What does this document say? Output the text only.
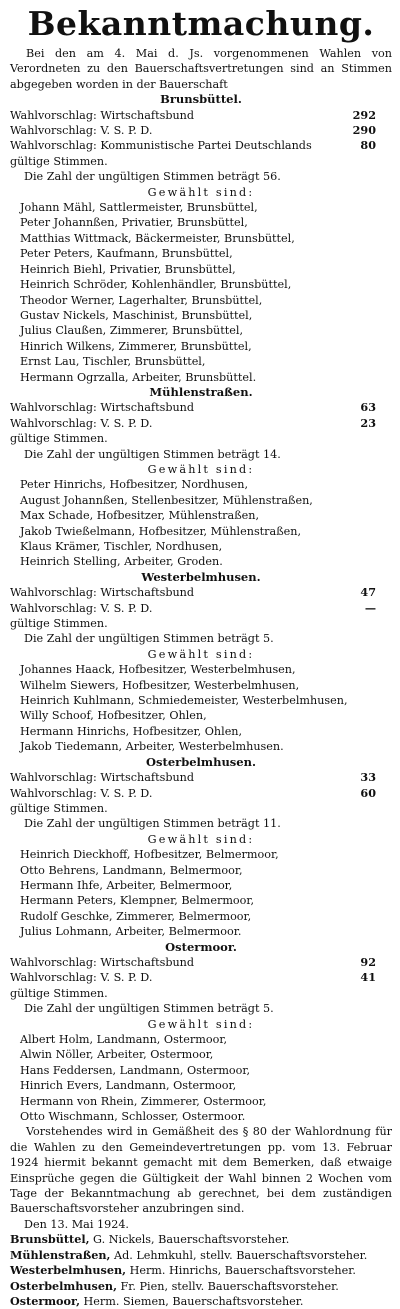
Bekanntmachung.

Bei den am 4. Mai d. Js. vorgenommenen Wahlen von Verordneten zu den Bauerschaftsvertretungen sind an Stimmen abgegeben worden in der Bauerschaft

Brunsbüttel.
Wahlvorschlag: Wirtschaftsbund	292
Wahlvorschlag: V. S. P. D.	290
Wahlvorschlag: Kommunistische Partei Deutschlands	80

gültige Stimmen.

Die Zahl der ungültigen Stimmen beträgt 56.

Gewählt sind:

Johann Mähl, Sattlermeister, Brunsbüttel,
Peter Johannßen, Privatier, Brunsbüttel,
Matthias Wittmack, Bäckermeister, Brunsbüttel,
Peter Peters, Kaufmann, Brunsbüttel,
Heinrich Biehl, Privatier, Brunsbüttel,
Heinrich Schröder, Kohlenhändler, Brunsbüttel,
Theodor Werner, Lagerhalter, Brunsbüttel,
Gustav Nickels, Maschinist, Brunsbüttel,
Julius Claußen, Zimmerer, Brunsbüttel,
Hinrich Wilkens, Zimmerer, Brunsbüttel,
Ernst Lau, Tischler, Brunsbüttel,
Hermann Ogrzalla, Arbeiter, Brunsbüttel.
Mühlenstraßen.
Wahlvorschlag: Wirtschaftsbund	63
Wahlvorschlag: V. S. P. D.	23

gültige Stimmen.

Die Zahl der ungültigen Stimmen beträgt 14.

Gewählt sind:

Peter Hinrichs, Hofbesitzer, Nordhusen,
August Johannßen, Stellenbesitzer, Mühlenstraßen,
Max Schade, Hofbesitzer, Mühlenstraßen,
Jakob Twießelmann, Hofbesitzer, Mühlenstraßen,
Klaus Krämer, Tischler, Nordhusen,
Heinrich Stelling, Arbeiter, Groden.
Westerbelmhusen.
Wahlvorschlag: Wirtschaftsbund	47
Wahlvorschlag: V. S. P. D.	—

gültige Stimmen.

Die Zahl der ungültigen Stimmen beträgt 5.

Gewählt sind:

Johannes Haack, Hofbesitzer, Westerbelmhusen,
Wilhelm Siewers, Hofbesitzer, Westerbelmhusen,
Heinrich Kuhlmann, Schmiedemeister, Westerbelmhusen,
Willy Schoof, Hofbesitzer, Ohlen,
Hermann Hinrichs, Hofbesitzer, Ohlen,
Jakob Tiedemann, Arbeiter, Westerbelmhusen.
Osterbelmhusen.
Wahlvorschlag: Wirtschaftsbund	33
Wahlvorschlag: V. S. P. D.	60

gültige Stimmen.

Die Zahl der ungültigen Stimmen beträgt 11.

Gewählt sind:

Heinrich Dieckhoff, Hofbesitzer, Belmermoor,
Otto Behrens, Landmann, Belmermoor,
Hermann Ihfe, Arbeiter, Belmermoor,
Hermann Peters, Klempner, Belmermoor,
Rudolf Geschke, Zimmerer, Belmermoor,
Julius Lohmann, Arbeiter, Belmermoor.
Ostermoor.
Wahlvorschlag: Wirtschaftsbund	92
Wahlvorschlag: V. S. P. D.	41

gültige Stimmen.

Die Zahl der ungültigen Stimmen beträgt 5.

Gewählt sind:

Albert Holm, Landmann, Ostermoor,
Alwin Nöller, Arbeiter, Ostermoor,
Hans Feddersen, Landmann, Ostermoor,
Hinrich Evers, Landmann, Ostermoor,
Hermann von Rhein, Zimmerer, Ostermoor,
Otto Wischmann, Schlosser, Ostermoor.

Vorstehendes wird in Gemäßheit des § 80 der Wahlordnung für die Wahlen zu den Gemeindevertretungen pp. vom 13. Februar 1924 hiermit bekannt gemacht mit dem Bemerken, daß etwaige Einsprüche gegen die Gültigkeit der Wahl binnen 2 Wochen vom Tage der Bekanntmachung ab gerechnet, bei dem zuständigen Bauerschaftsvorsteher anzubringen sind.

Den 13. Mai 1924.

Brunsbüttel, G. Nickels, Bauerschaftsvorsteher.

Mühlenstraßen, Ad. Lehmkuhl, stellv. Bauerschaftsvorsteher.

Westerbelmhusen, Herm. Hinrichs, Bauerschaftsvorsteher.

Osterbelmhusen, Fr. Pien, stellv. Bauerschaftsvorsteher.

Ostermoor, Herm. Siemen, Bauerschaftsvorsteher.
